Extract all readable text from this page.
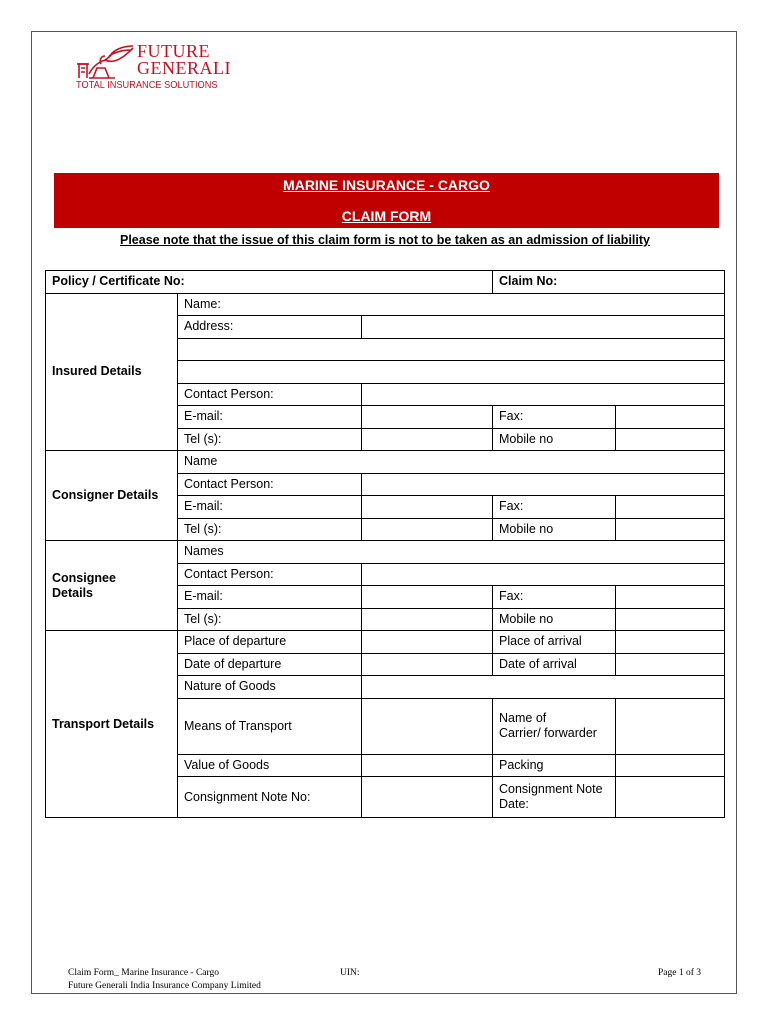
FUTURE
GENERALI
TOTAL INSURANCE SOLUTIONS
MARINE INSURANCE - CARGO
CLAIM FORM
Please note that the issue of this claim form is not to be taken as an admission of liability
Policy / Certificate No:			Claim No:	
Insured Details	Name:			
	Address:			

	Contact Person:			
	E-mail:		Fax:	
	Tel (s):		Mobile no	
Consigner Details	Name			
	Contact Person:			
	E-mail:		Fax:	
	Tel (s):		Mobile no	
Consignee
Details	Names			
	Contact Person:			
	E-mail:		Fax:	
	Tel (s):		Mobile no	
Transport Details	Place of departure		Place of arrival	
	Date of departure		Date of arrival	
	Nature of Goods			
	Means of Transport		Name of
Carrier/ forwarder	
	Value of Goods		Packing	
	Consignment Note No:		Consignment Note
Date:	
Claim Form_ Marine Insurance - Cargo
Future Generali India Insurance Company Limited
UIN:	Page 1 of 3
